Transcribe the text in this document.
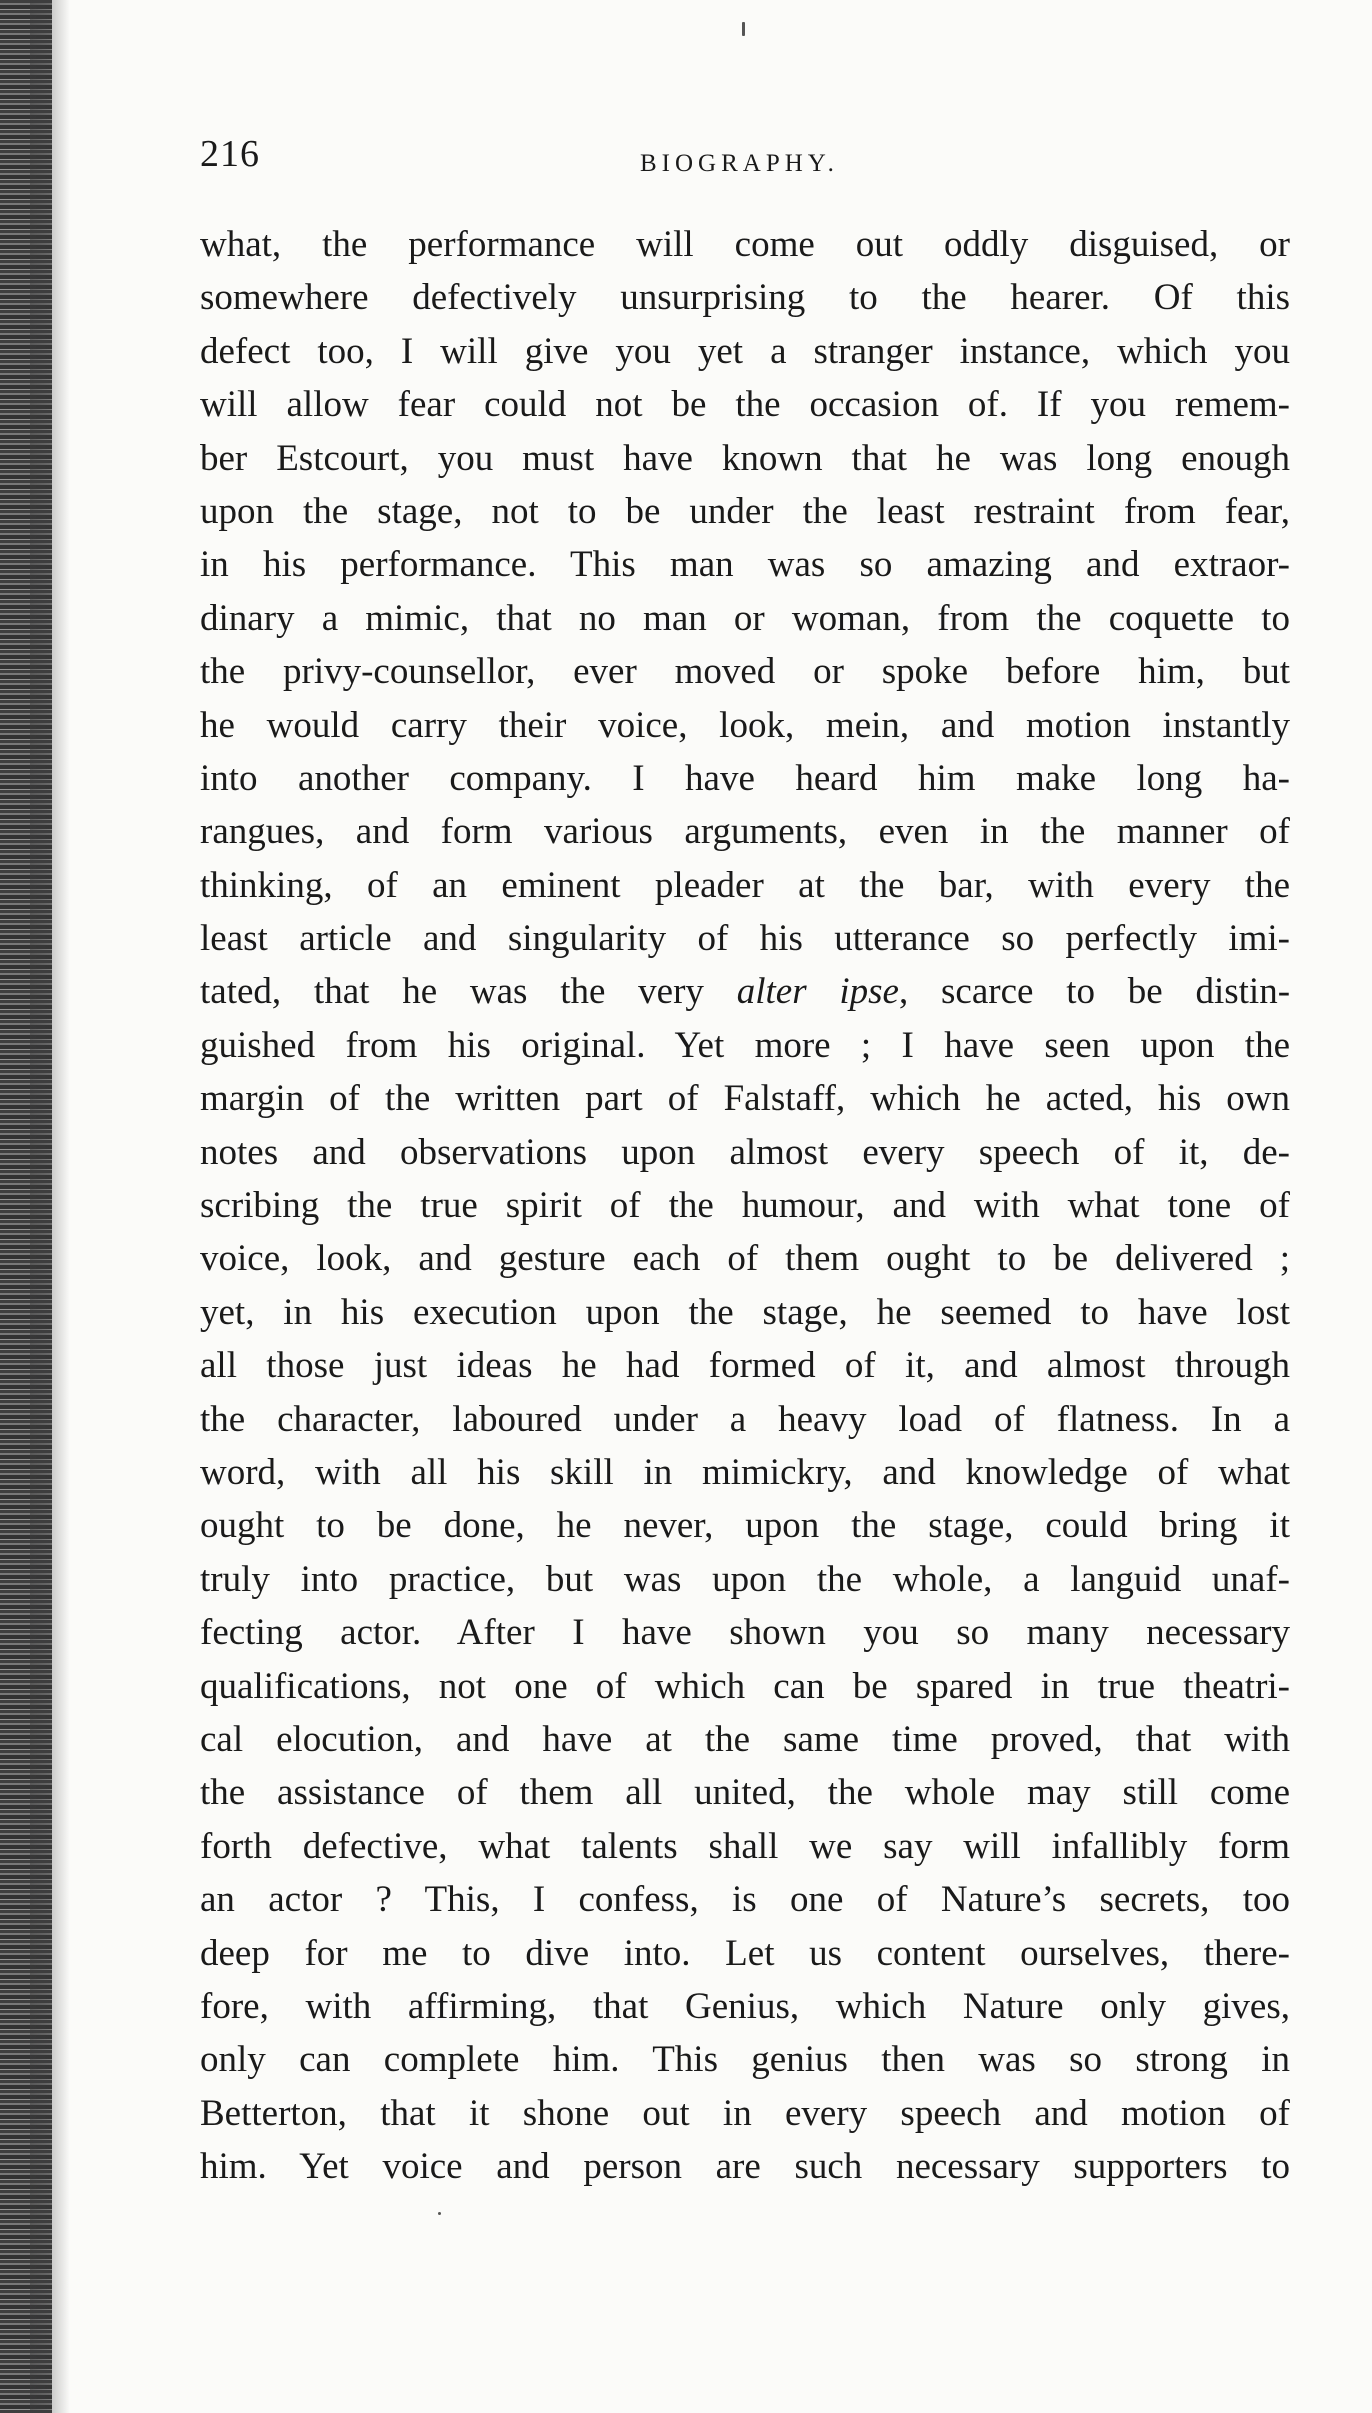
216	BIOGRAPHY.
what, the performance will come out oddly disguised, or
somewhere defectively unsurprising to the hearer. Of this
defect too, I will give you yet a stranger instance, which you
will allow fear could not be the occasion of. If you remem-
ber Estcourt, you must have known that he was long enough
upon the stage, not to be under the least restraint from fear,
in his performance. This man was so amazing and extraor-
dinary a mimic, that no man or woman, from the coquette to
the privy-counsellor, ever moved or spoke before him, but
he would carry their voice, look, mein, and motion instantly
into another company. I have heard him make long ha-
rangues, and form various arguments, even in the manner of
thinking, of an eminent pleader at the bar, with every the
least article and singularity of his utterance so perfectly imi-
tated, that he was the very alter ipse, scarce to be distin-
guished from his original. Yet more ; I have seen upon the
margin of the written part of Falstaff, which he acted, his own
notes and observations upon almost every speech of it, de-
scribing the true spirit of the humour, and with what tone of
voice, look, and gesture each of them ought to be delivered ;
yet, in his execution upon the stage, he seemed to have lost
all those just ideas he had formed of it, and almost through
the character, laboured under a heavy load of flatness. In a
word, with all his skill in mimickry, and knowledge of what
ought to be done, he never, upon the stage, could bring it
truly into practice, but was upon the whole, a languid unaf-
fecting actor. After I have shown you so many necessary
qualifications, not one of which can be spared in true theatri-
cal elocution, and have at the same time proved, that with
the assistance of them all united, the whole may still come
forth defective, what talents shall we say will infallibly form
an actor ? This, I confess, is one of Nature’s secrets, too
deep for me to dive into. Let us content ourselves, there-
fore, with affirming, that Genius, which Nature only gives,
only can complete him. This genius then was so strong in
Betterton, that it shone out in every speech and motion of
him. Yet voice and person are such necessary supporters to
